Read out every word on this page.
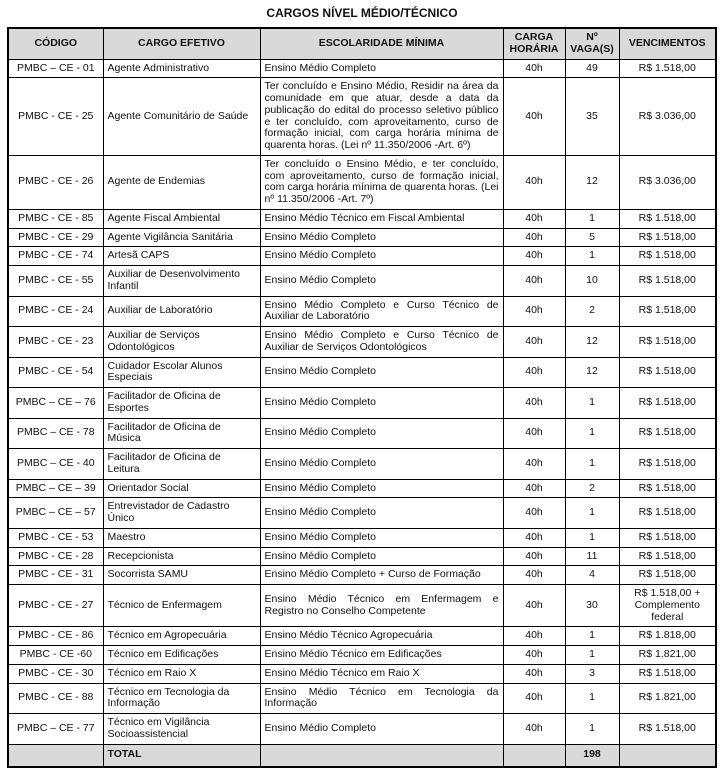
CARGOS NÍVEL MÉDIO/TÉCNICO
CÓDIGO	CARGO EFETIVO	ESCOLARIDADE MÍNIMA	CARGA HORÁRIA	Nº VAGA(S)	VENCIMENTOS
PMBC – CE - 01	Agente Administrativo	Ensino Médio Completo	40h	49	R$ 1.518,00
PMBC - CE - 25	Agente Comunitário de Saúde	Ter concluído e Ensino Médio, Residir na área da comunidade em que atuar, desde a data da publicação do edital do processo seletivo público e ter concluído, com aproveitamento, curso de formação inicial, com carga horária mínima de quarenta horas. (Lei nº 11.350/2006 -Art. 6º)	40h	35	R$ 3.036,00
PMBC - CE - 26	Agente de Endemias	Ter concluído o Ensino Médio, e ter concluído, com aproveitamento, curso de formação inicial, com carga horária mínima de quarenta horas. (Lei nº 11.350/2006 -Art. 7º)	40h	12	R$ 3.036,00
PMBC - CE - 85	Agente Fiscal Ambiental	Ensino Médio Técnico em Fiscal Ambiental	40h	1	R$ 1.518,00
PMBC - CE - 29	Agente Vigilância Sanitária	Ensino Médio Completo	40h	5	R$ 1.518,00
PMBC - CE - 74	Artesã CAPS	Ensino Médio Completo	40h	1	R$ 1.518,00
PMBC - CE - 55	Auxiliar de Desenvolvimento Infantil	Ensino Médio Completo	40h	10	R$ 1.518,00
PMBC - CE - 24	Auxiliar de Laboratório	Ensino Médio Completo e Curso Técnico de Auxiliar de Laboratório	40h	2	R$ 1.518,00
PMBC - CE - 23	Auxiliar de Serviços Odontológicos	Ensino Médio Completo e Curso Técnico de Auxiliar de Serviços Odontológicos	40h	12	R$ 1.518,00
PMBC - CE - 54	Cuidador Escolar Alunos Especiais	Ensino Médio Completo	40h	12	R$ 1.518,00
PMBC – CE – 76	Facilitador de Oficina de Esportes	Ensino Médio Completo	40h	1	R$ 1.518,00
PMBC – CE - 78	Facilitador de Oficina de Música	Ensino Médio Completo	40h	1	R$ 1.518,00
PMBC – CE - 40	Facilitador de Oficina de Leitura	Ensino Médio Completo	40h	1	R$ 1.518,00
PMBC – CE – 39	Orientador Social	Ensino Médio Completo	40h	2	R$ 1.518,00
PMBC – CE – 57	Entrevistador de Cadastro Único	Ensino Médio Completo	40h	1	R$ 1.518,00
PMBC - CE - 53	Maestro	Ensino Médio Completo	40h	1	R$ 1.518,00
PMBC - CE - 28	Recepcionista	Ensino Médio Completo	40h	11	R$ 1.518,00
PMBC - CE - 31	Socorrista SAMU	Ensino Médio Completo + Curso de Formação	40h	4	R$ 1.518,00
PMBC - CE - 27	Técnico de Enfermagem	Ensino Médio Técnico em Enfermagem e Registro no Conselho Competente	40h	30	R$ 1.518,00 + Complemento federal
PMBC - CE - 86	Técnico em Agropecuária	Ensino Médio Técnico Agropecuária	40h	1	R$ 1.818,00
PMBC - CE -60	Técnico em Edificações	Ensino Médio Técnico em Edificações	40h	1	R$ 1.821,00
PMBC - CE - 30	Técnico em Raio X	Ensino Médio Técnico em Raio X	40h	3	R$ 1.518,00
PMBC - CE - 88	Técnico em Tecnologia da Informação	Ensino Médio Técnico em Tecnologia da Informação	40h	1	R$ 1.821,00
PMBC – CE - 77	Técnico em Vigilância Socioassistencial	Ensino Médio Completo	40h	1	R$ 1.518,00
	TOTAL			198	
